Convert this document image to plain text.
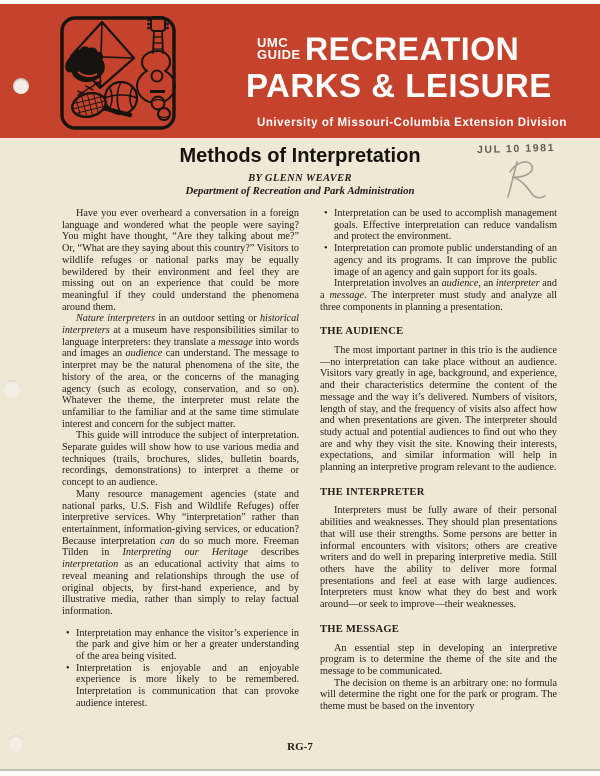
UMC
GUIDE RECREATION
PARKS & LEISURE
University of Missouri-Columbia Extension Division
Methods of Interpretation	JUL 10 1981
BY GLENN WEAVER
Department of Recreation and Park Administration

Have you ever overheard a conversation in a foreign language and wondered what the people were saying? You might have thought, “Are they talking about me?” Or, “What are they saying about this country?” Visitors to wildlife refuges or national parks may be equally bewildered by their environment and feel they are missing out on an experience that could be more meaningful if they could understand the phenomena around them.

Nature interpreters in an outdoor setting or historical interpreters at a museum have responsibilities similar to language interpreters: they translate a message into words and images an audience can understand. The message to interpret may be the natural phenomena of the site, the history of the area, or the concerns of the managing agency (such as ecology, conservation, and so on). Whatever the theme, the interpreter must relate the unfamiliar to the familiar and at the same time stimulate interest and concern for the subject matter.

This guide will introduce the subject of interpretation. Separate guides will show how to use various media and techniques (trails, brochures, slides, bulletin boards, recordings, demonstrations) to interpret a theme or concept to an audience.

Many resource management agencies (state and national parks, U.S. Fish and Wildlife Refuges) offer interpretive services. Why “interpretation” rather than entertainment, information-giving services, or education? Because interpretation can do so much more. Freeman Tilden in Interpreting our Heritage describes interpretation as an educational activity that aims to reveal meaning and relationships through the use of original objects, by first-hand experience, and by illustrative media, rather than simply to relay factual information.

• Interpretation may enhance the visitor’s experience in the park and give him or her a greater understanding of the area being visited.
• Interpretation is enjoyable and an enjoyable experience is more likely to be remembered. Interpretation is communication that can provoke audience interest.
• Interpretation can be used to accomplish management goals. Effective interpretation can reduce vandalism and protect the environment.
• Interpretation can promote public understanding of an agency and its programs. It can improve the public image of an agency and gain support for its goals.

Interpretation involves an audience, an interpreter and a message. The interpreter must study and analyze all three components in planning a presentation.

THE AUDIENCE

The most important partner in this trio is the audience—no interpretation can take place without an audience. Visitors vary greatly in age, background, and experience, and their characteristics determine the content of the message and the way it’s delivered. Numbers of visitors, length of stay, and the frequency of visits also affect how and when presentations are given. The interpreter should study actual and potential audiences to find out who they are and why they visit the site. Knowing their interests, expectations, and similar information will help in planning an interpretive program relevant to the audience.

THE INTERPRETER

Interpreters must be fully aware of their personal abilities and weaknesses. They should plan presentations that will use their strengths. Some persons are better in informal encounters with visitors; others are creative writers and do well in preparing interpretive media. Still others have the ability to deliver more formal presentations and feel at ease with large audiences. Interpreters must know what they do best and work around—or seek to improve—their weaknesses.

THE MESSAGE

An essential step in developing an interpretive program is to determine the theme of the site and the message to be communicated.

The decision on theme is an arbitrary one: no formula will determine the right one for the park or program. The theme must be based on the inventory

RG-7
